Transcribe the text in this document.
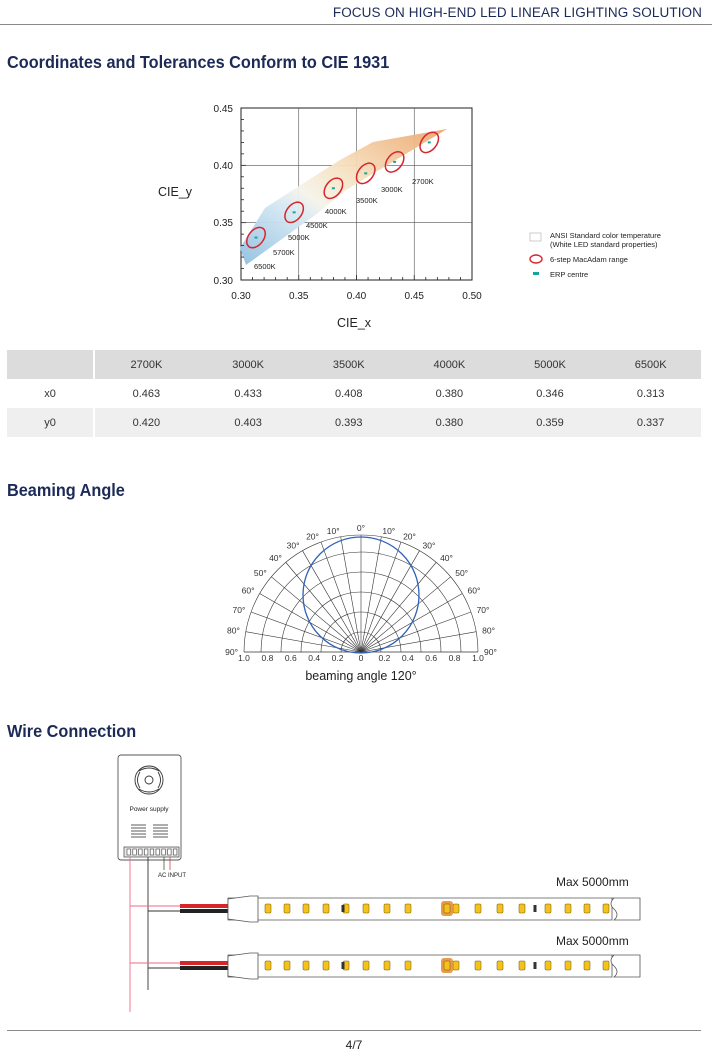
FOCUS ON HIGH-END LED LINEAR LIGHTING SOLUTION
Coordinates and Tolerances Conform to CIE 1931
0.45
0.40
0.35
0.30
0.30	0.35	0.40	0.45	0.50
CIE_y
CIE_x
6500K
5700K
5000K
4500K
4000K
3500K
3000K
2700K
ANSI Standard color temperature
(White LED standard properties)
6-step MacAdam range
ERP centre
	2700K	3000K	3500K	4000K	5000K	6500K
x0	0.463	0.433	0.408	0.380	0.346	0.313
y0	0.420	0.403	0.393	0.380	0.359	0.337
Beaming Angle
90°
80°
70°
60°
50°
40°
30°
20°
10°	10°
20°
30°
40°
50°
60°
70°
80°
90°
0°
1.0 0.8 0.6 0.4 0.2 0 0.2 0.4 0.6 0.8 1.0
beaming angle 120°
Wire Connection
Power supply
AC INPUT	Max 5000mm
Max 5000mm
4/7
